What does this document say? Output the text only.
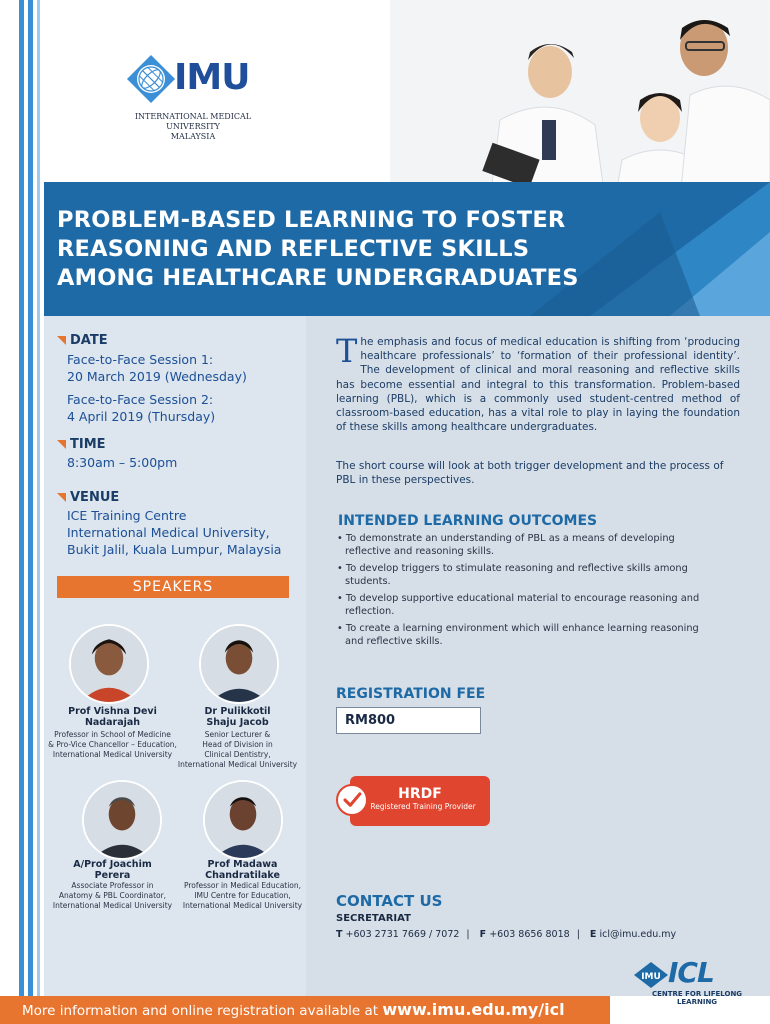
IMU
INTERNATIONAL MEDICAL UNIVERSITY
MALAYSIA
PROBLEM-BASED LEARNING TO FOSTER
REASONING AND REFLECTIVE SKILLS
AMONG HEALTHCARE UNDERGRADUATES
DATE
Face-to-Face Session 1:
20 March 2019 (Wednesday)
Face-to-Face Session 2:
4 April 2019 (Thursday)
TIME
8:30am – 5:00pm
VENUE
ICE Training Centre
International Medical University,
Bukit Jalil, Kuala Lumpur, Malaysia
SPEAKERS
Prof Vishna Devi
Nadarajah
Professor in School of Medicine
& Pro-Vice Chancellor – Education,
International Medical University
Dr Pulikkotil
Shaju Jacob
Senior Lecturer &
Head of Division in
Clinical Dentistry,
International Medical University
A/Prof Joachim
Perera
Associate Professor in
Anatomy & PBL Coordinator,
International Medical University
Prof Madawa
Chandratilake
Professor in Medical Education,
IMU Centre for Education,
International Medical University
The emphasis and focus of medical education is shifting from ‘producing healthcare professionals’ to ‘formation of their professional identity’. The development of clinical and moral reasoning and reflective skills has become essential and integral to this transformation. Problem-based learning (PBL), which is a commonly used student-centred method of classroom-based education, has a vital role to play in laying the foundation of these skills among healthcare undergraduates.
The short course will look at both trigger development and the process of PBL in these perspectives.
INTENDED LEARNING OUTCOMES
• To demonstrate an understanding of PBL as a means of developing reflective and reasoning skills.
• To develop triggers to stimulate reasoning and reflective skills among students.
• To develop supportive educational material to encourage reasoning and reflection.
• To create a learning environment which will enhance learning reasoning and reflective skills.
REGISTRATION FEE
RM800
HRDF
Registered Training Provider
CONTACT US
SECRETARIAT
T +603 2731 7669 / 7072 | F +603 8656 8018 | E icl@imu.edu.my
IMU ICL
CENTRE FOR LIFELONG
LEARNING
More information and online registration available at www.imu.edu.my/icl
